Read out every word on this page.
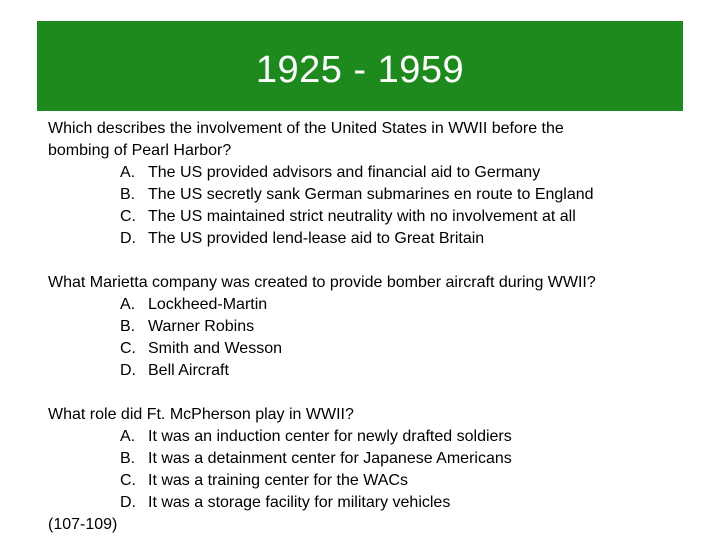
1925 - 1959
Which describes the involvement of the United States in WWII before the
bombing of Pearl Harbor?
A. The US provided advisors and financial aid to Germany
B. The US secretly sank German submarines en route to England
C. The US maintained strict neutrality with no involvement at all
D. The US provided lend-lease aid to Great Britain
What Marietta company was created to provide bomber aircraft during WWII?
A. Lockheed-Martin
B. Warner Robins
C. Smith and Wesson
D. Bell Aircraft
What role did Ft. McPherson play in WWII?
A. It was an induction center for newly drafted soldiers
B. It was a detainment center for Japanese Americans
C. It was a training center for the WACs
D. It was a storage facility for military vehicles
(107-109)
